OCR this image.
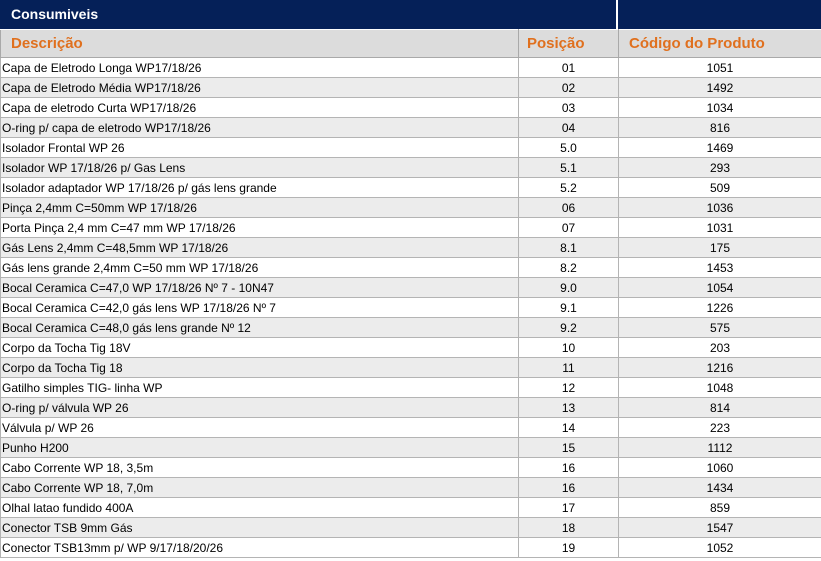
Consumiveis
Descrição	Posição	Código do Produto
Capa de Eletrodo Longa WP17/18/26	01	1051
Capa de Eletrodo Média WP17/18/26	02	1492
Capa de eletrodo Curta WP17/18/26	03	1034
O-ring p/ capa de eletrodo WP17/18/26	04	816
Isolador Frontal WP 26	5.0	1469
Isolador WP 17/18/26 p/ Gas Lens	5.1	293
Isolador adaptador WP 17/18/26 p/ gás lens grande	5.2	509
Pinça 2,4mm C=50mm WP 17/18/26	06	1036
Porta Pinça 2,4 mm C=47 mm WP 17/18/26	07	1031
Gás Lens 2,4mm C=48,5mm WP 17/18/26	8.1	175
Gás lens grande 2,4mm C=50 mm WP 17/18/26	8.2	1453
Bocal Ceramica C=47,0 WP 17/18/26 Nº 7 - 10N47	9.0	1054
Bocal Ceramica C=42,0 gás lens WP 17/18/26 Nº 7	9.1	1226
Bocal Ceramica C=48,0 gás lens grande Nº 12	9.2	575
Corpo da Tocha Tig 18V	10	203
Corpo da Tocha Tig 18	11	1216
Gatilho simples TIG- linha WP	12	1048
O-ring p/ válvula WP 26	13	814
Válvula p/ WP 26	14	223
Punho H200	15	1112
Cabo Corrente WP 18, 3,5m	16	1060
Cabo Corrente WP 18, 7,0m	16	1434
Olhal latao fundido 400A	17	859
Conector TSB 9mm Gás	18	1547
Conector TSB13mm p/ WP 9/17/18/20/26	19	1052
